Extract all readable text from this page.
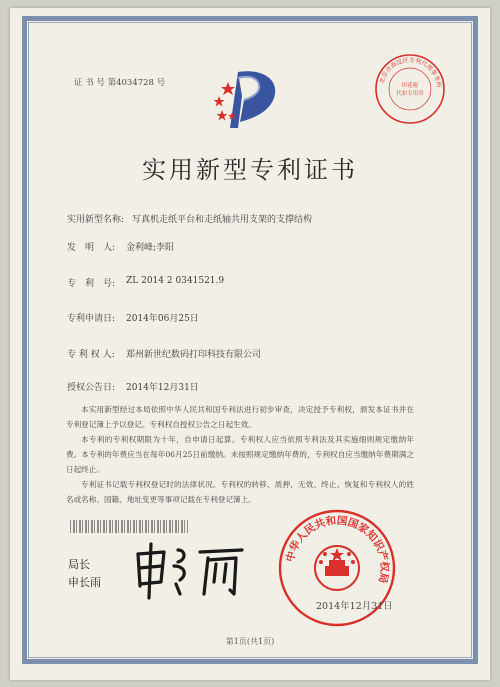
证 书 号 第4034728 号	北京市海淀区专利代理事务所
印花税
代扣专用章
实用新型专利证书
实用新型名称: 写真机走纸平台和走纸轴共用支架的支撑结构
发　明　人: 金利峰;李阳
专　利　号: ZL 2014 2 0341521.9
专利申请日: 2014年06月25日
专 利 权 人: 郑州新世纪数码打印科技有限公司
授权公告日: 2014年12月31日
本实用新型经过本局依照中华人民共和国专利法进行初步审查，决定授予专利权，颁发本证书并在专利登记簿上予以登记。专利权自授权公告之日起生效。
本专利的专利权期限为十年，自申请日起算。专利权人应当依照专利法及其实施细则规定缴纳年费。本专利的年费应当在每年06月25日前缴纳。未按照规定缴纳年费的，专利权自应当缴纳年费期满之日起终止。
专利证书记载专利权登记时的法律状况。专利权的转移、质押、无效、终止、恢复和专利权人的姓名或名称、国籍、地址变更等事项记载在专利登记簿上。
局长
申长雨
中华人民共和国国家知识产权局
2014年12月31日
第1页(共1页)
